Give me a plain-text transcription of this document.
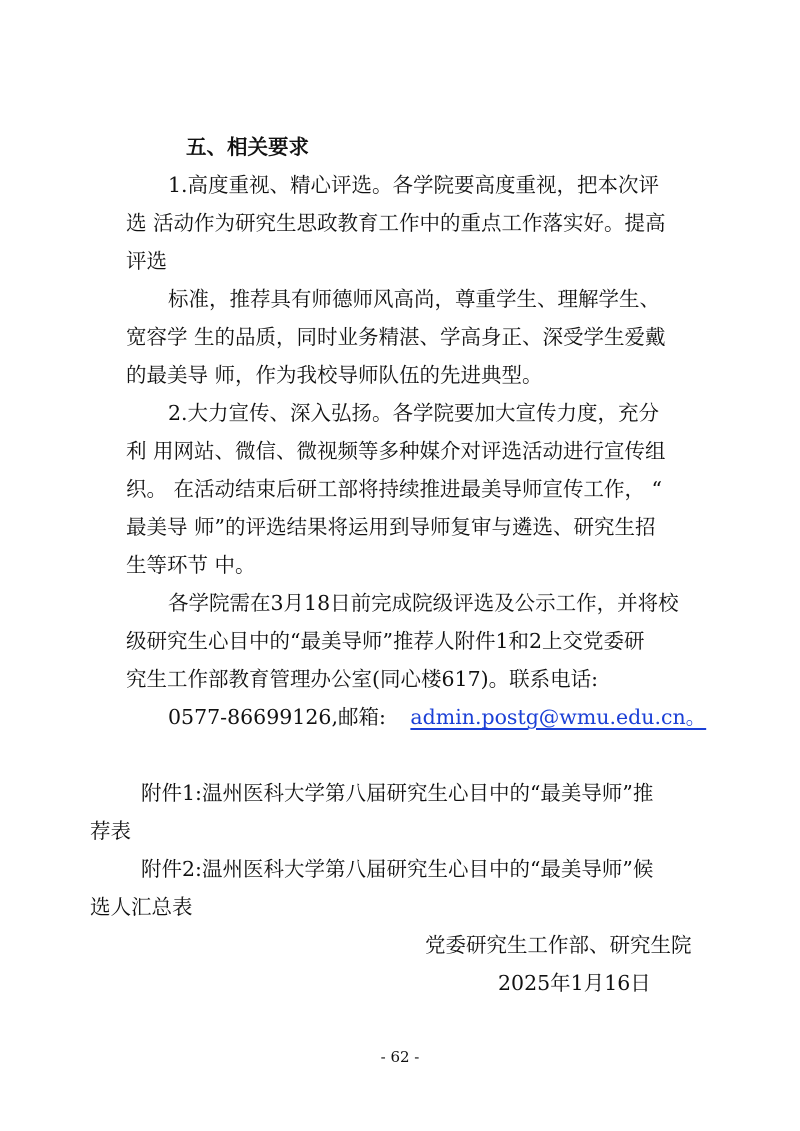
五、相关要求

1.高度重视、精心评选。各学院要高度重视，把本次评

选 活动作为研究生思政教育工作中的重点工作落实好。提高

评选

标准，推荐具有师德师风高尚，尊重学生、理解学生、

宽容学 生的品质，同时业务精湛、学高身正、深受学生爱戴

的最美导 师，作为我校导师队伍的先进典型。

2.大力宣传、深入弘扬。各学院要加大宣传力度，充分

利 用网站、微信、微视频等多种媒介对评选活动进行宣传组

织。 在活动结束后研工部将持续推进最美导师宣传工作， “

最美导 师”的评选结果将运用到导师复审与遴选、研究生招

生等环节 中。

各学院需在3月18日前完成院级评选及公示工作，并将校

级研究生心目中的“最美导师”推荐人附件1和2上交党委研

究生工作部教育管理办公室(同心楼617)。联系电话:

0577-86699126,邮箱: admin.postg@wmu.edu.cn。

附件1:温州医科大学第八届研究生心目中的“最美导师”推

荐表

附件2:温州医科大学第八届研究生心目中的“最美导师”候

选人汇总表

党委研究生工作部、研究生院

2025年1月16日

- 62 -
